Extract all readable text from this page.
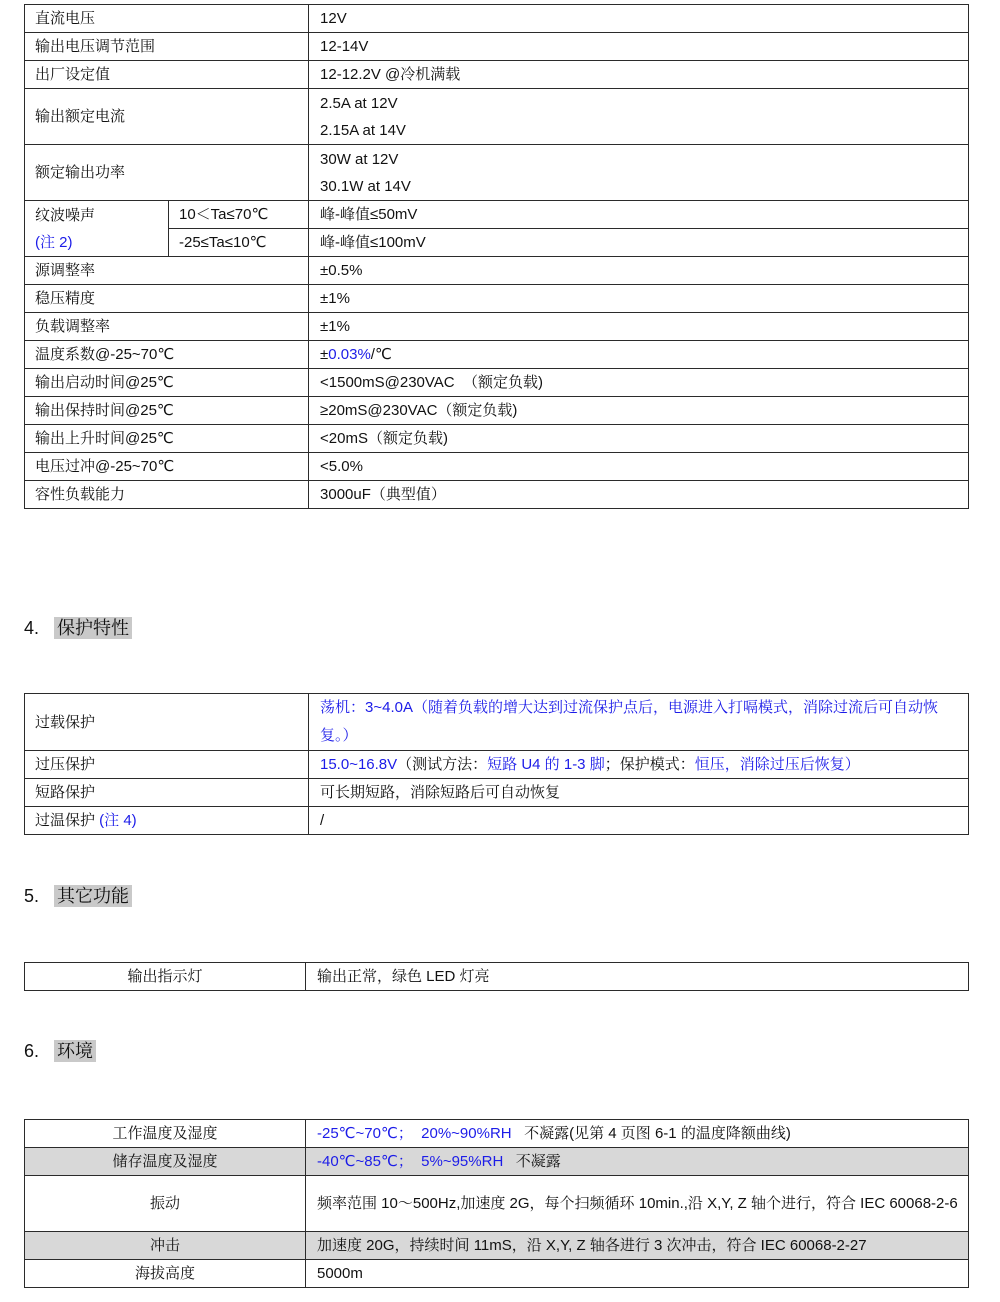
直流电压		12V
输出电压调节范围		12-14V
出厂设定值		12-12.2V @冷机满载
输出额定电流		2.5A at 12V
2.15A at 14V

额定输出功率		30W at 12V
30.1W at 14V

纹波噪声
(注 2)	10＜Ta≤70℃	峰-峰值≤50mV
	-25≤Ta≤10℃	峰-峰值≤100mV
源调整率		±0.5%
稳压精度		±1%
负载调整率		±1%
温度系数@-25~70℃		±0.03%/℃
输出启动时间@25℃		<1500mS@230VAC  （额定负载)
输出保持时间@25℃		≥20mS@230VAC（额定负载)
输出上升时间@25℃		<20mS（额定负载)
电压过冲@-25~70℃		<5.0%
容性负载能力		3000uF（典型值）
4. 保护特性
过载保护	荡机：3~4.0A（随着负载的增大达到过流保护点后，电源进入打嗝模式，消除过流后可自动恢复。）

过压保护	15.0~16.8V（测试方法：短路 U4 的 1-3 脚；保护模式：恒压，消除过压后恢复）
短路保护	可长期短路，消除短路后可自动恢复
过温保护 (注 4)	/
5. 其它功能
输出指示灯	输出正常，绿色 LED 灯亮
6. 环境
工作温度及湿度	-25℃~70℃；  20%~90%RH   不凝露(见第 4 页图 6-1 的温度降额曲线)
储存温度及湿度	-40℃~85℃；  5%~95%RH   不凝露
振动	频率范围 10～500Hz,加速度 2G，每个扫频循环 10min.,沿 X,Y, Z 轴个进行，符合 IEC 60068-2-6

冲击	加速度 20G，持续时间 11mS，沿 X,Y, Z 轴各进行 3 次冲击，符合 IEC 60068-2-27
海拔高度	5000m
